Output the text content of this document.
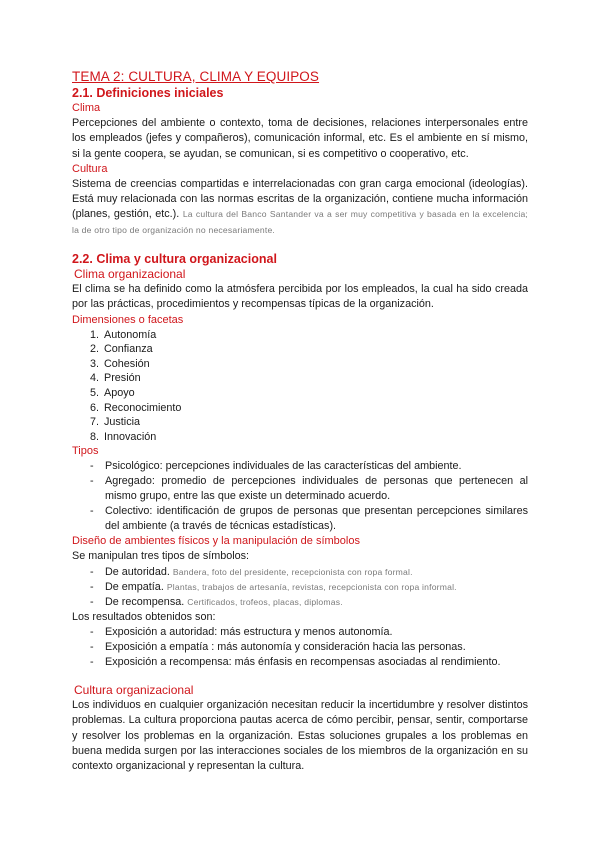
TEMA 2: CULTURA, CLIMA Y EQUIPOS
2.1. Definiciones iniciales
Clima

Percepciones del ambiente o contexto, toma de decisiones, relaciones interpersonales entre los empleados (jefes y compañeros), comunicación informal, etc. Es el ambiente en sí mismo, si la gente coopera, se ayudan, se comunican, si es competitivo o cooperativo, etc.

Cultura

Sistema de creencias compartidas e interrelacionadas con gran carga emocional (ideologías). Está muy relacionada con las normas escritas de la organización, contiene mucha información (planes, gestión, etc.). La cultura del Banco Santander va a ser muy competitiva y basada en la excelencia; la de otro tipo de organización no necesariamente.

2.2. Clima y cultura organizacional
Clima organizacional

El clima se ha definido como la atmósfera percibida por los empleados, la cual ha sido creada por las prácticas, procedimientos y recompensas típicas de la organización.

Dimensiones o facetas
1. Autonomía
2. Confianza
3. Cohesión
4. Presión
5. Apoyo
6. Reconocimiento
7. Justicia
8. Innovación
Tipos
- Psicológico: percepciones individuales de las características del ambiente.
- Agregado: promedio de percepciones individuales de personas que pertenecen al mismo grupo, entre las que existe un determinado acuerdo.
- Colectivo: identificación de grupos de personas que presentan percepciones similares del ambiente (a través de técnicas estadísticas).
Diseño de ambientes físicos y la manipulación de símbolos

Se manipulan tres tipos de símbolos:

- De autoridad. Bandera, foto del presidente, recepcionista con ropa formal.
- De empatía. Plantas, trabajos de artesanía, revistas, recepcionista con ropa informal.
- De recompensa. Certificados, trofeos, placas, diplomas.

Los resultados obtenidos son:

- Exposición a autoridad: más estructura y menos autonomía.
- Exposición a empatía : más autonomía y consideración hacia las personas.
- Exposición a recompensa: más énfasis en recompensas asociadas al rendimiento.
Cultura organizacional

Los individuos en cualquier organización necesitan reducir la incertidumbre y resolver distintos problemas. La cultura proporciona pautas acerca de cómo percibir, pensar, sentir, comportarse y resolver los problemas en la organización. Estas soluciones grupales a los problemas en buena medida surgen por las interacciones sociales de los miembros de la organización en su contexto organizacional y representan la cultura.
